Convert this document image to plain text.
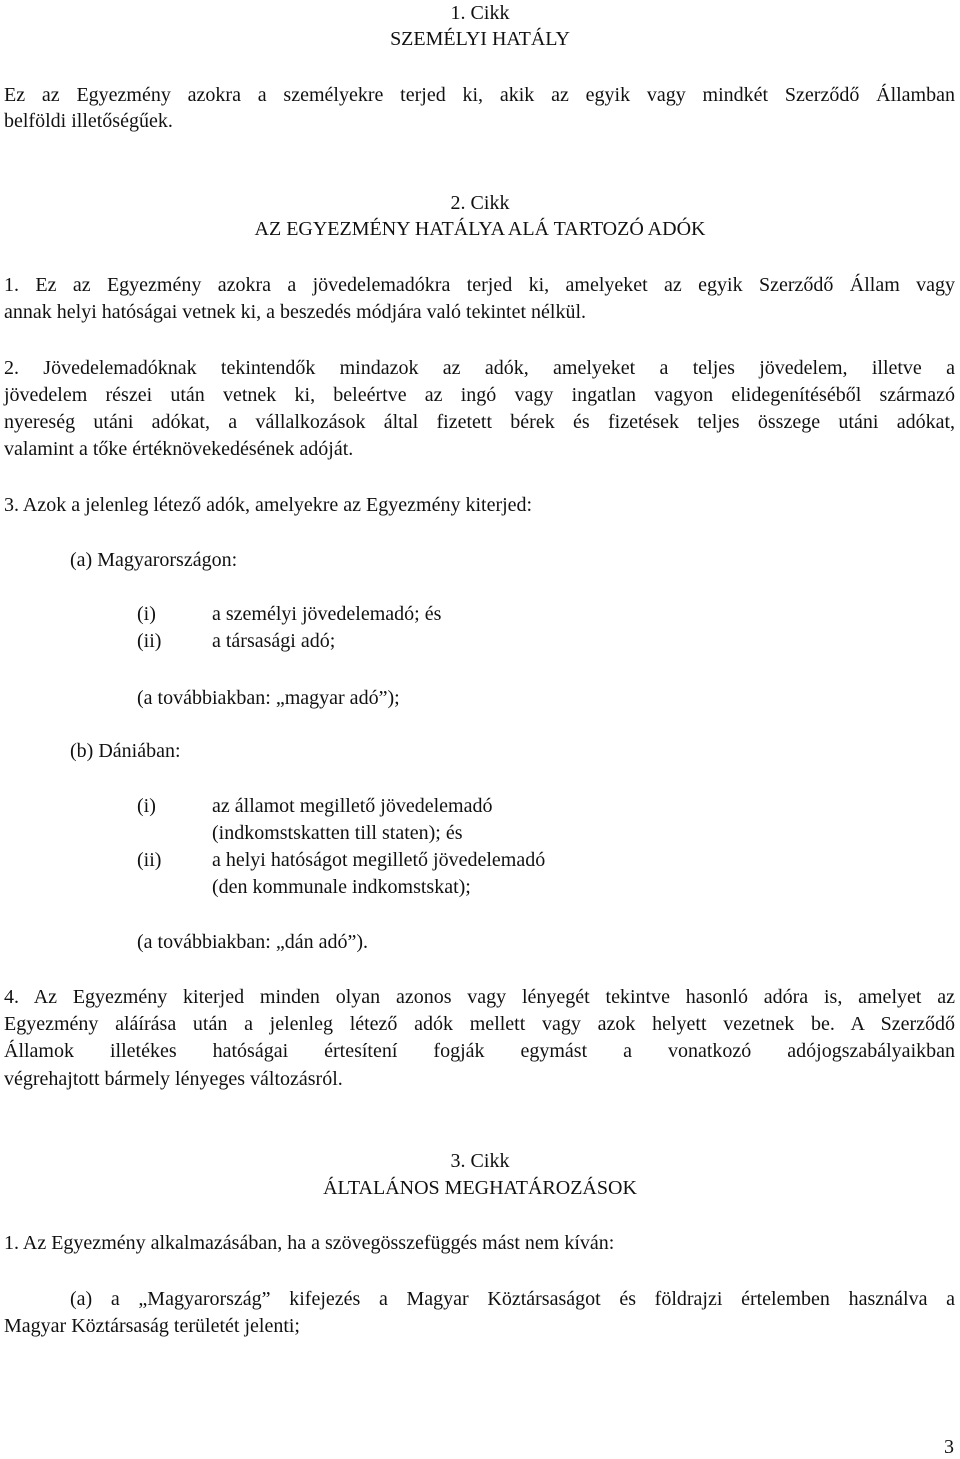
1. Cikk
SZEMÉLYI HATÁLY
Ez az Egyezmény azokra a személyekre terjed ki, akik az egyik vagy mindkét Szerződő Államban
belföldi illetőségűek.
2. Cikk
AZ EGYEZMÉNY HATÁLYA ALÁ TARTOZÓ ADÓK
1. Ez az Egyezmény azokra a jövedelemadókra terjed ki, amelyeket az egyik Szerződő Állam vagy
annak helyi hatóságai vetnek ki, a beszedés módjára való tekintet nélkül.
2. Jövedelemadóknak tekintendők mindazok az adók, amelyeket a teljes jövedelem, illetve a
jövedelem részei után vetnek ki, beleértve az ingó vagy ingatlan vagyon elidegenítéséből származó
nyereség utáni adókat, a vállalkozások által fizetett bérek és fizetések teljes összege utáni adókat,
valamint a tőke értéknövekedésének adóját.
3. Azok a jelenleg létező adók, amelyekre az Egyezmény kiterjed:
(a) Magyarországon:
(i)	a személyi jövedelemadó; és
(ii)	a társasági adó;
(a továbbiakban: „magyar adó”);
(b) Dániában:
(i)	az államot megillető jövedelemadó
(indkomstskatten till staten); és
(ii)	a helyi hatóságot megillető jövedelemadó
(den kommunale indkomstskat);
(a továbbiakban: „dán adó”).
4. Az Egyezmény kiterjed minden olyan azonos vagy lényegét tekintve hasonló adóra is, amelyet az
Egyezmény aláírása után a jelenleg létező adók mellett vagy azok helyett vezetnek be. A Szerződő
Államok illetékes hatóságai értesítení fogják egymást a vonatkozó adójogszabályaikban
végrehajtott bármely lényeges változásról.
3. Cikk
ÁLTALÁNOS MEGHATÁROZÁSOK
1. Az Egyezmény alkalmazásában, ha a szövegösszefüggés mást nem kíván:
(a) a „Magyarország” kifejezés a Magyar Köztársaságot és földrajzi értelemben használva a
Magyar Köztársaság területét jelenti;
3
